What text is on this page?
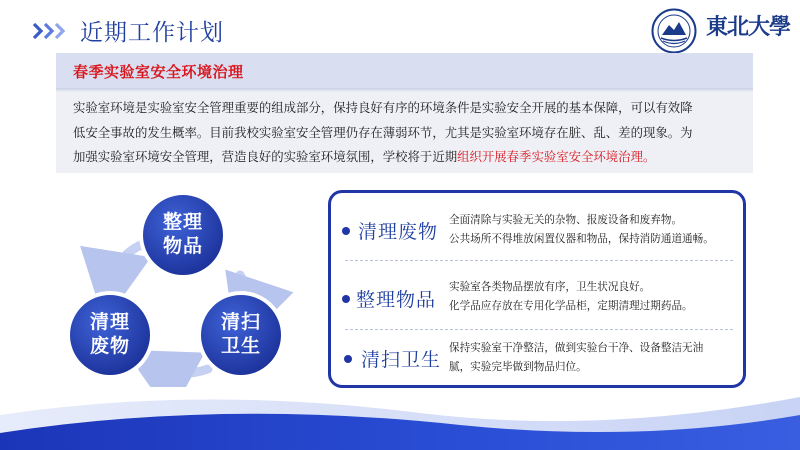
近期工作计划	東北大學
春季实验室安全环境治理
实验室环境是实验室安全管理重要的组成部分，保持良好有序的环境条件是实验安全开展的基本保障，可以有效降
低安全事故的发生概率。目前我校实验室安全管理仍存在薄弱环节，尤其是实验室环境存在脏、乱、差的现象。为
加强实验室环境安全管理，营造良好的实验室环境氛围，学校将于近期组织开展春季实验室安全环境治理。
整理
物品
清扫
卫生
清理
废物
清理废物
全面清除与实验无关的杂物、报废设备和废弃物。
公共场所不得堆放闲置仪器和物品，保持消防通道通畅。
整理物品
实验室各类物品摆放有序，卫生状况良好。
化学品应存放在专用化学品柜，定期清理过期药品。
清扫卫生
保持实验室干净整洁，做到实验台干净、设备整洁无油
腻，实验完毕做到物品归位。
